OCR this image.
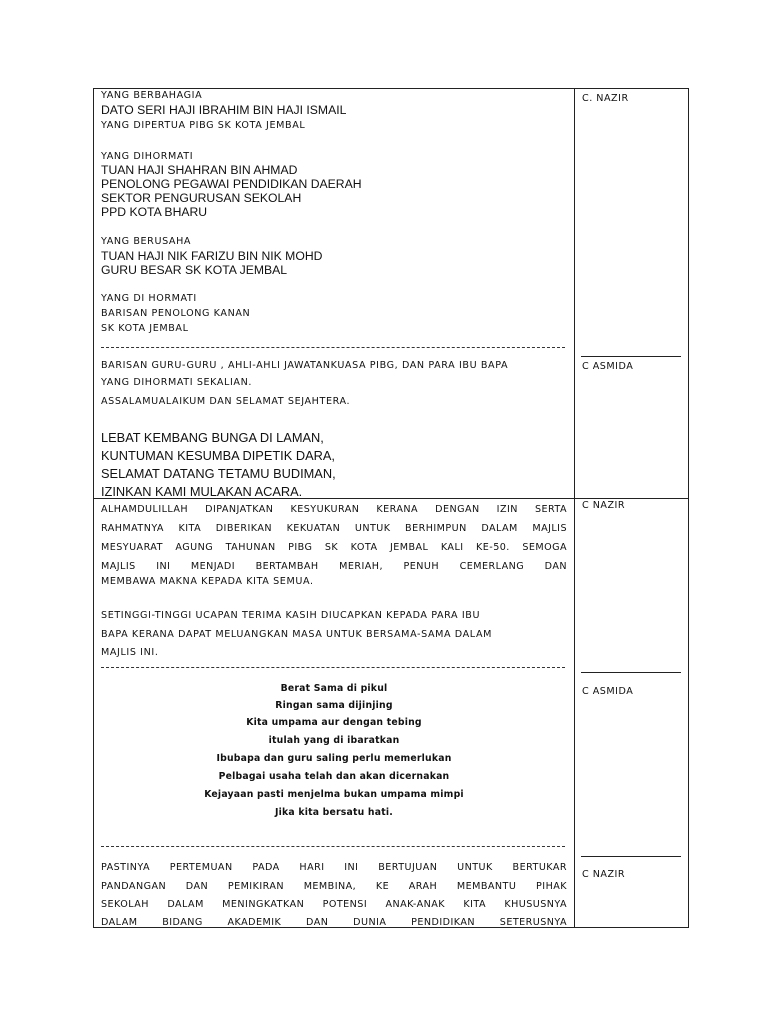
YANG BERBAHAGIA
DATO SERI HAJI IBRAHIM BIN HAJI ISMAIL
YANG DIPERTUA PIBG SK KOTA JEMBAL
YANG DIHORMATI
TUAN HAJI SHAHRAN BIN AHMAD
PENOLONG PEGAWAI PENDIDIKAN DAERAH
SEKTOR PENGURUSAN SEKOLAH
PPD KOTA BHARU
YANG BERUSAHA
TUAN HAJI NIK FARIZU BIN NIK MOHD
GURU BESAR SK KOTA JEMBAL
YANG DI HORMATI
BARISAN PENOLONG KANAN
SK KOTA JEMBAL
BARISAN GURU-GURU , AHLI-AHLI JAWATANKUASA PIBG, DAN PARA IBU BAPA
YANG DIHORMATI SEKALIAN.
ASSALAMUALAIKUM DAN SELAMAT SEJAHTERA.
LEBAT KEMBANG BUNGA DI LAMAN,
KUNTUMAN KESUMBA DIPETIK DARA,
SELAMAT DATANG TETAMU BUDIMAN,
IZINKAN KAMI MULAKAN ACARA.
ALHAMDULILLAH DIPANJATKAN KESYUKURAN KERANA DENGAN IZIN SERTA
RAHMATNYA KITA DIBERIKAN KEKUATAN UNTUK BERHIMPUN DALAM MAJLIS
MESYUARAT AGUNG TAHUNAN PIBG SK KOTA JEMBAL KALI KE-50. SEMOGA
MAJLIS INI MENJADI BERTAMBAH MERIAH, PENUH CEMERLANG DAN
MEMBAWA MAKNA KEPADA KITA SEMUA.
SETINGGI-TINGGI UCAPAN TERIMA KASIH DIUCAPKAN KEPADA PARA IBU
BAPA KERANA DAPAT MELUANGKAN MASA UNTUK BERSAMA-SAMA DALAM
MAJLIS INI.
Berat Sama di pikul
Ringan sama dijinjing
Kita umpama aur dengan tebing
itulah yang di ibaratkan
Ibubapa dan guru saling perlu memerlukan
Pelbagai usaha telah dan akan dicernakan
Kejayaan pasti menjelma bukan umpama mimpi
Jika kita bersatu hati.
PASTINYA PERTEMUAN PADA HARI INI BERTUJUAN UNTUK BERTUKAR
PANDANGAN DAN PEMIKIRAN MEMBINA, KE ARAH MEMBANTU PIHAK
SEKOLAH DALAM MENINGKATKAN POTENSI ANAK-ANAK KITA KHUSUSNYA
DALAM BIDANG AKADEMIK DAN DUNIA PENDIDIKAN SETERUSNYA
C. NAZIR
C ASMIDA
C NAZIR
C ASMIDA
C NAZIR
